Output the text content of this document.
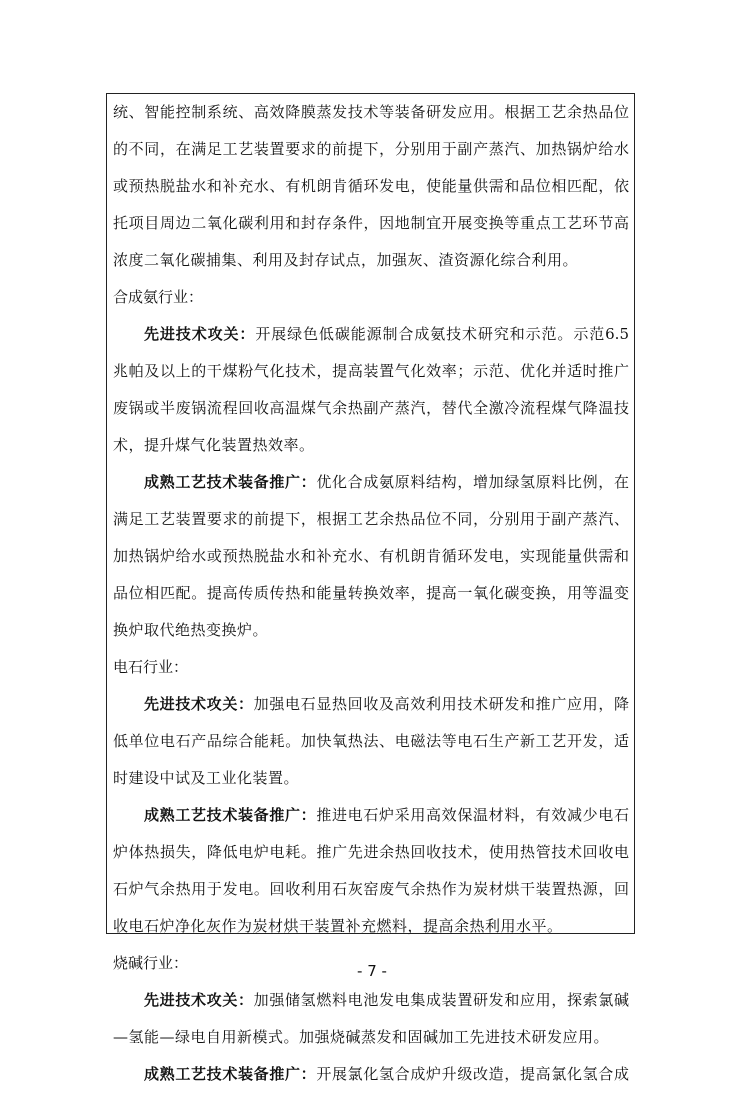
统、智能控制系统、高效降膜蒸发技术等装备研发应用。根据工艺余热品位
的不同，在满足工艺装置要求的前提下，分别用于副产蒸汽、加热锅炉给水
或预热脱盐水和补充水、有机朗肯循环发电，使能量供需和品位相匹配，依
托项目周边二氧化碳利用和封存条件，因地制宜开展变换等重点工艺环节高
浓度二氧化碳捕集、利用及封存试点，加强灰、渣资源化综合利用。
合成氨行业：
先进技术攻关：开展绿色低碳能源制合成氨技术研究和示范。示范6.5
兆帕及以上的干煤粉气化技术，提高装置气化效率；示范、优化并适时推广
废锅或半废锅流程回收高温煤气余热副产蒸汽，替代全激冷流程煤气降温技
术，提升煤气化装置热效率。
成熟工艺技术装备推广：优化合成氨原料结构，增加绿氢原料比例，在
满足工艺装置要求的前提下，根据工艺余热品位不同，分别用于副产蒸汽、
加热锅炉给水或预热脱盐水和补充水、有机朗肯循环发电，实现能量供需和
品位相匹配。提高传质传热和能量转换效率，提高一氧化碳变换，用等温变
换炉取代绝热变换炉。
电石行业：
先进技术攻关：加强电石显热回收及高效利用技术研发和推广应用，降
低单位电石产品综合能耗。加快氧热法、电磁法等电石生产新工艺开发，适
时建设中试及工业化装置。
成熟工艺技术装备推广：推进电石炉采用高效保温材料，有效减少电石
炉体热损失，降低电炉电耗。推广先进余热回收技术，使用热管技术回收电
石炉气余热用于发电。回收利用石灰窑废气余热作为炭材烘干装置热源，回
收电石炉净化灰作为炭材烘干装置补充燃料，提高余热利用水平。
烧碱行业：
先进技术攻关：加强储氢燃料电池发电集成装置研发和应用，探索氯碱
—氢能—绿电自用新模式。加强烧碱蒸发和固碱加工先进技术研发应用。
成熟工艺技术装备推广：开展氯化氢合成炉升级改造，提高氯化氢合成
- 7 -
